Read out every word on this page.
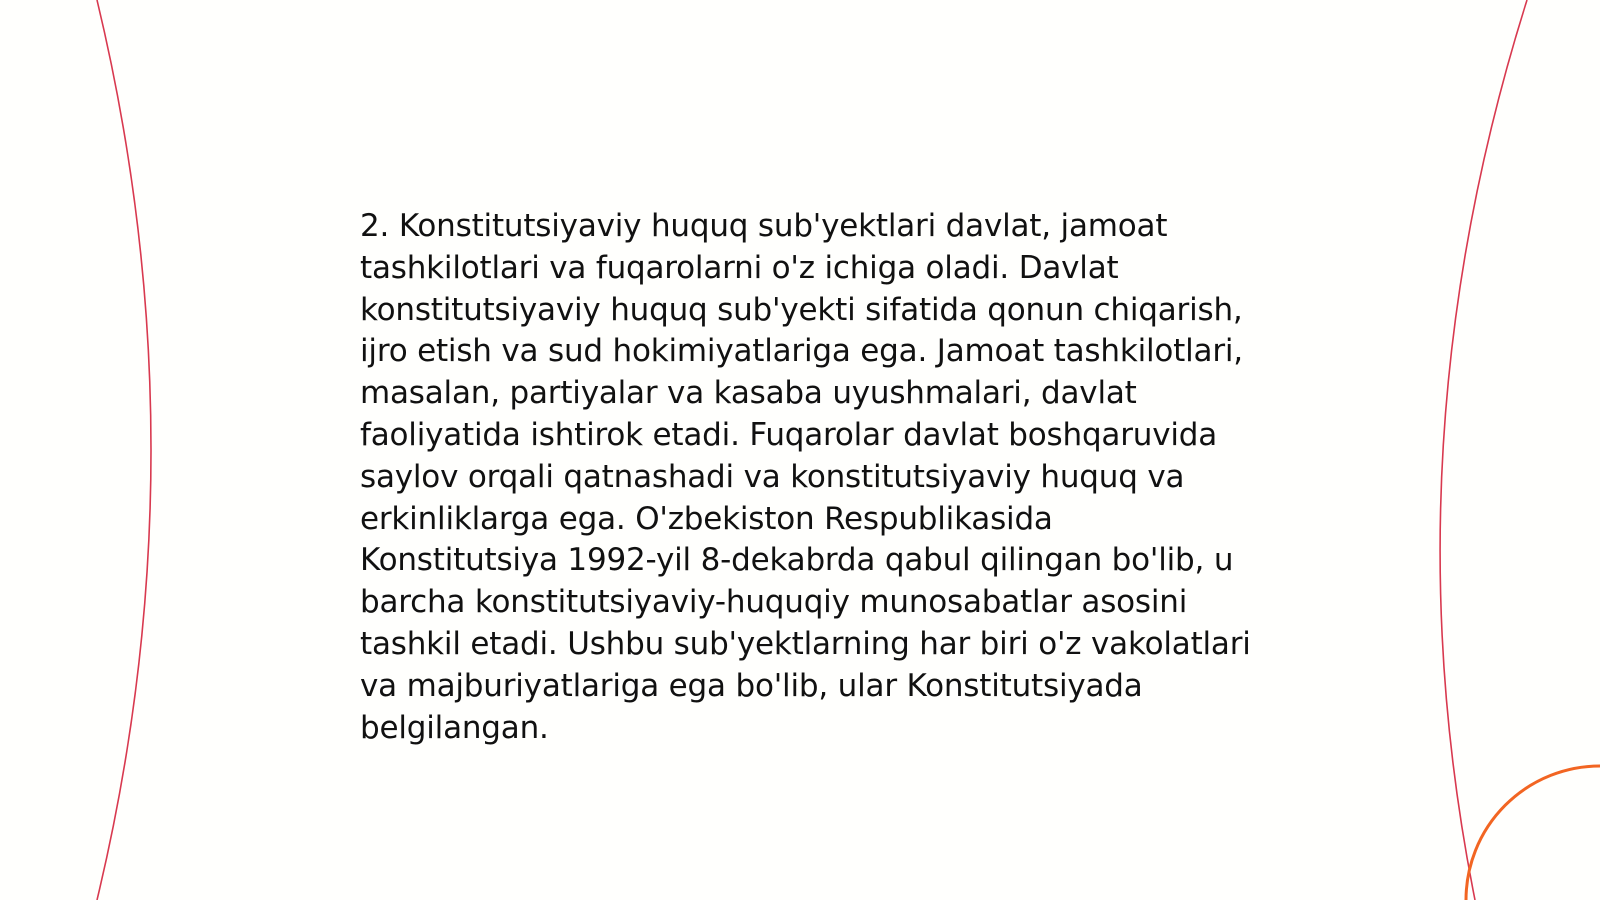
2. Konstitutsiyaviy huquq sub'yektlari davlat, jamoat tashkilotlari va fuqarolarni o'z ichiga oladi. Davlat konstitutsiyaviy huquq sub'yekti sifatida qonun chiqarish, ijro etish va sud hokimiyatlariga ega. Jamoat tashkilotlari, masalan, partiyalar va kasaba uyushmalari, davlat faoliyatida ishtirok etadi. Fuqarolar davlat boshqaruvida saylov orqali qatnashadi va konstitutsiyaviy huquq va erkinliklarga ega. O'zbekiston Respublikasida Konstitutsiya 1992-yil 8-dekabrda qabul qilingan bo'lib, u barcha konstitutsiyaviy-huquqiy munosabatlar asosini tashkil etadi. Ushbu sub'yektlarning har biri o'z vakolatlari va majburiyatlariga ega bo'lib, ular Konstitutsiyada belgilangan.
